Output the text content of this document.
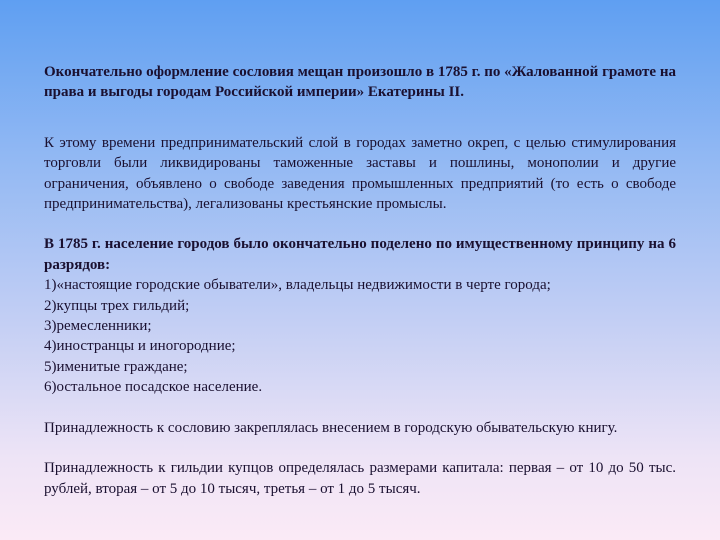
Окончательно оформление сословия мещан произошло в 1785 г. по «Жалованной грамоте на права и выгоды городам Российской империи» Екатерины II.

К этому времени предпринимательский слой в городах заметно окреп, с целью стимулирования торговли были ликвидированы таможенные заставы и пошлины, монополии и другие ограничения, объявлено о свободе заведения промышленных предприятий (то есть о свободе предпринимательства), легализованы крестьянские промыслы.

В 1785 г. население городов было окончательно поделено по имущественному принципу на 6 разрядов:

1)«настоящие городские обыватели», владельцы недвижимости в черте города;

2)купцы трех гильдий;

3)ремесленники;

4)иностранцы и иногородние;

5)именитые граждане;

6)остальное посадское население.

Принадлежность к сословию закреплялась внесением в городскую обывательскую книгу.

Принадлежность к гильдии купцов определялась размерами капитала: первая – от 10 до 50 тыс. рублей, вторая – от 5 до 10 тысяч, третья – от 1 до 5 тысяч.
